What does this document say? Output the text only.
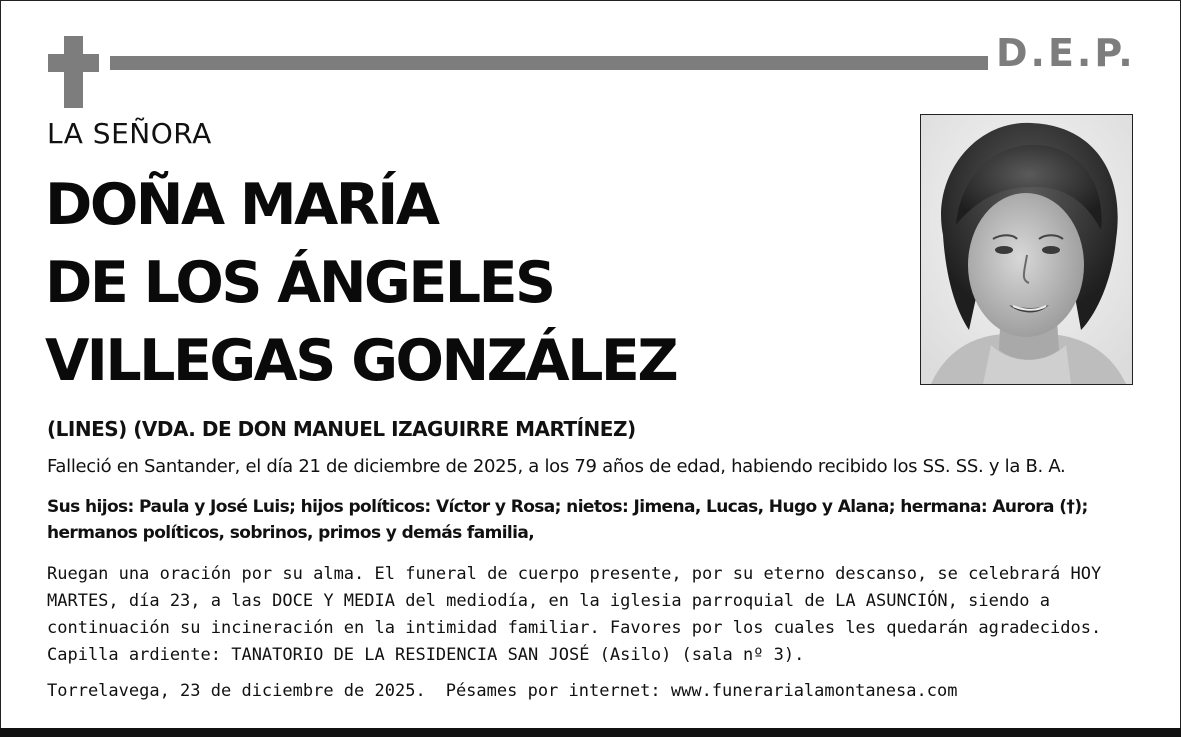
D.E.P.
LA SEÑORA
DOÑA MARÍA
DE LOS ÁNGELES
VILLEGAS GONZÁLEZ
(LINES) (VDA. DE DON MANUEL IZAGUIRRE MARTÍNEZ)
Falleció en Santander, el día 21 de diciembre de 2025, a los 79 años de edad, habiendo recibido los SS. SS. y la B. A.
Sus hijos: Paula y José Luis; hijos políticos: Víctor y Rosa; nietos: Jimena, Lucas, Hugo y Alana; hermana: Aurora (†);
hermanos políticos, sobrinos, primos y demás familia,
Ruegan una oración por su alma. El funeral de cuerpo presente, por su eterno descanso, se celebrará HOY
MARTES, día 23, a las DOCE Y MEDIA del mediodía, en la iglesia parroquial de LA ASUNCIÓN, siendo a
continuación su incineración en la intimidad familiar. Favores por los cuales les quedarán agradecidos.
Capilla ardiente: TANATORIO DE LA RESIDENCIA SAN JOSÉ (Asilo) (sala nº 3).
Torrelavega, 23 de diciembre de 2025. Pésames por internet: www.funerarialamontanesa.com
